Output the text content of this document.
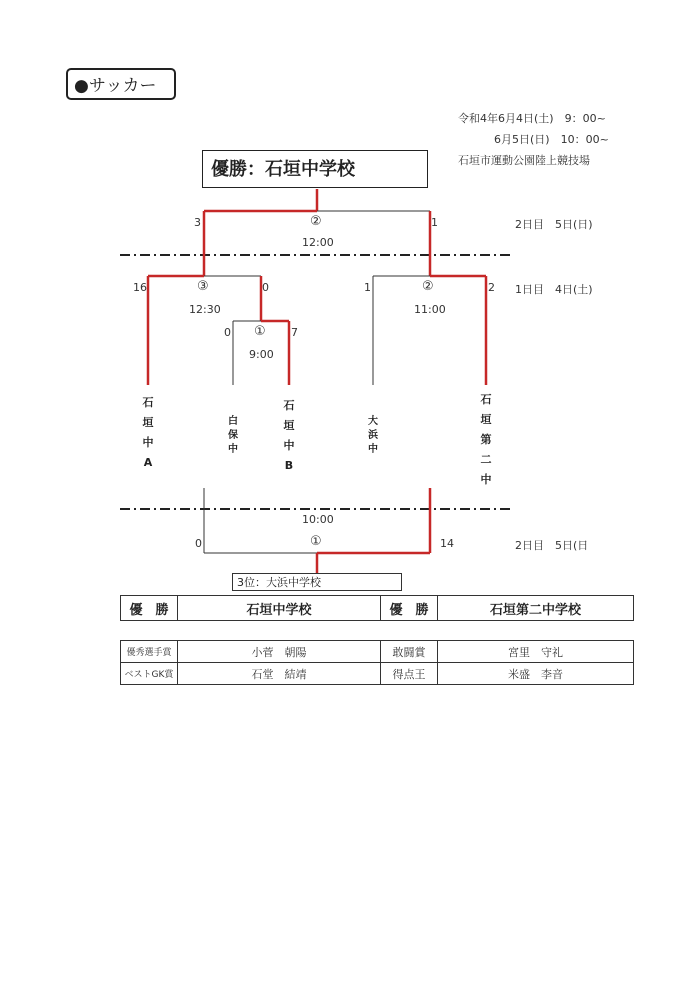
●サッカー
令和4年6月4日(土)　9：00~
6月5日(日)　10：00~
石垣市運動公園陸上競技場
優勝：石垣中学校
3	②	1
12:00
2日目　5日(日)
16	③	0
12:30
1	②	2
11:00
1日目　4日(土)
0 ① 7
9:00
石
垣
中
A
白
保
中
石
垣
中
B
大
浜
中
石
垣
第
二
中
10:00
0	①	14	2日目　5日(日
3位：大浜中学校
優　勝	石垣中学校	優　勝	石垣第二中学校
優秀選手賞	小菅　朝陽	敢闘賞	宮里　守礼
ベストGK賞	石堂　結靖	得点王	米盛　李音
